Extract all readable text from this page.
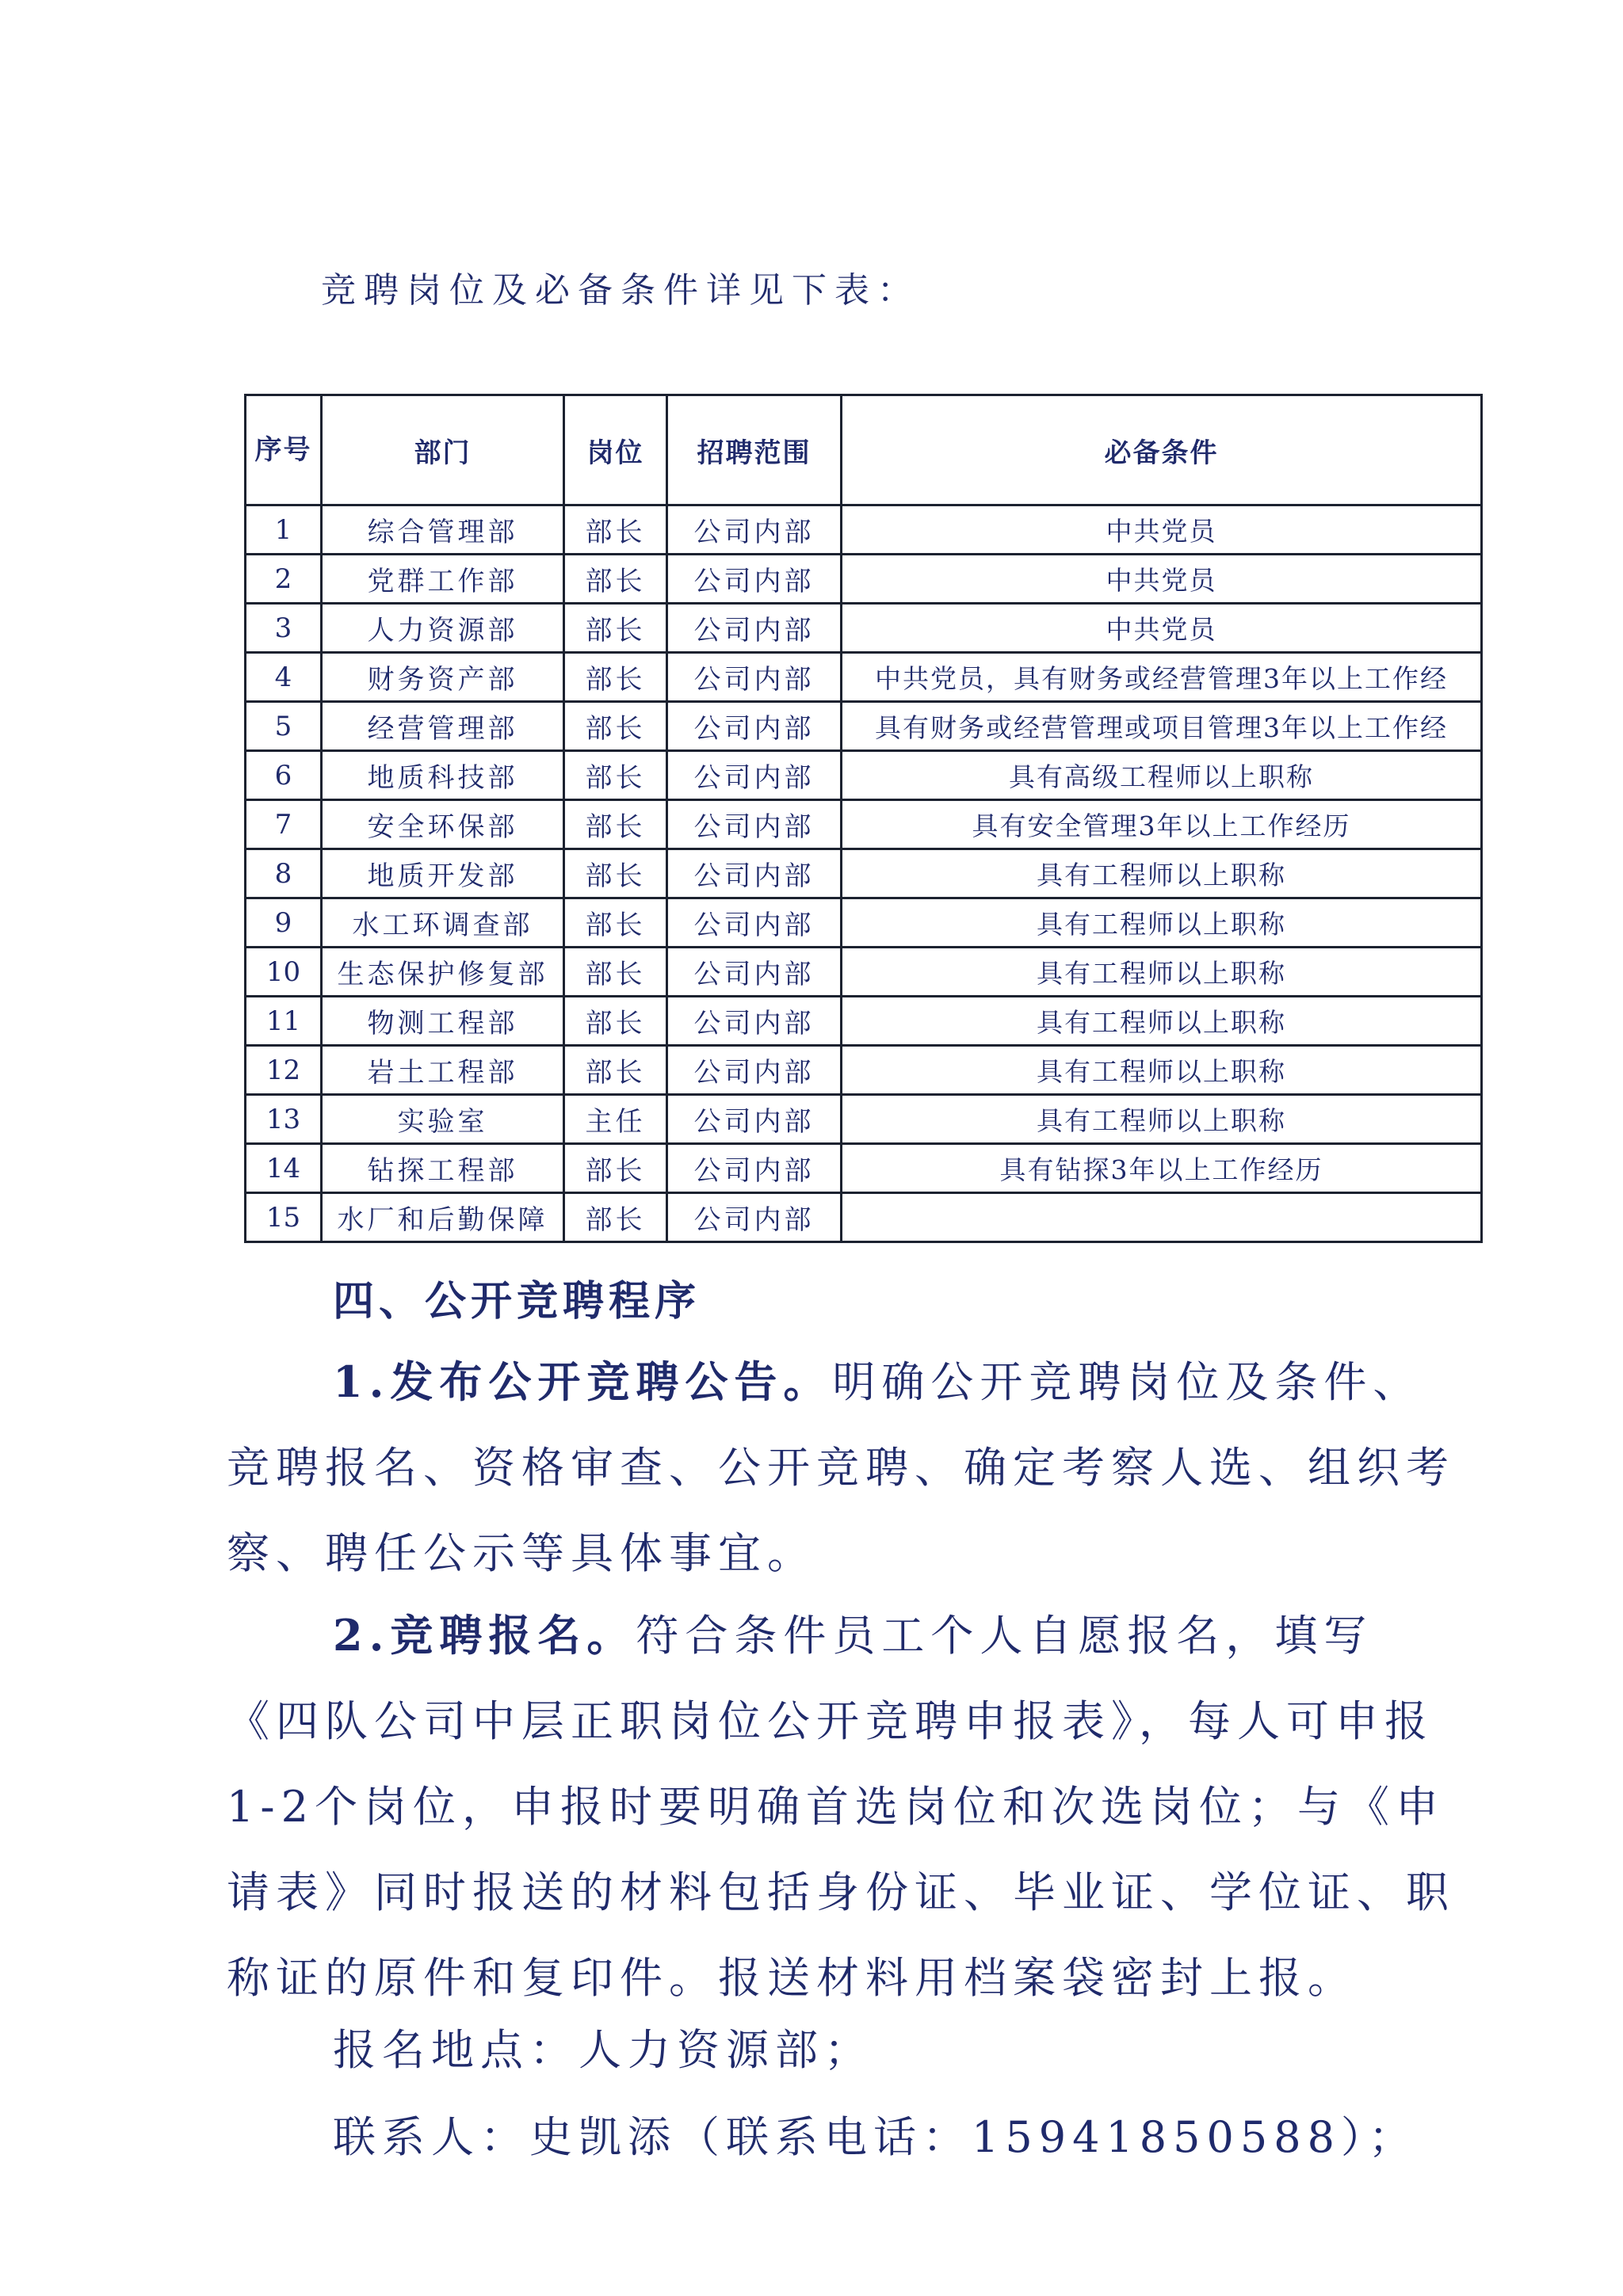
竞聘岗位及必备条件详见下表：
序号	部门	岗位	招聘范围	必备条件
1	综合管理部	部长	公司内部	中共党员
2	党群工作部	部长	公司内部	中共党员
3	人力资源部	部长	公司内部	中共党员
4	财务资产部	部长	公司内部	中共党员，具有财务或经营管理3年以上工作经
5	经营管理部	部长	公司内部	具有财务或经营管理或项目管理3年以上工作经
6	地质科技部	部长	公司内部	具有高级工程师以上职称
7	安全环保部	部长	公司内部	具有安全管理3年以上工作经历
8	地质开发部	部长	公司内部	具有工程师以上职称
9	水工环调查部	部长	公司内部	具有工程师以上职称
10	生态保护修复部	部长	公司内部	具有工程师以上职称
11	物测工程部	部长	公司内部	具有工程师以上职称
12	岩土工程部	部长	公司内部	具有工程师以上职称
13	实验室	主任	公司内部	具有工程师以上职称
14	钻探工程部	部长	公司内部	具有钻探3年以上工作经历
15	水厂和后勤保障	部长	公司内部	
四、公开竞聘程序
1.发布公开竞聘公告。明确公开竞聘岗位及条件、竞聘报名、资格审查、公开竞聘、确定考察人选、组织考察、聘任公示等具体事宜。
2.竞聘报名。符合条件员工个人自愿报名，填写《四队公司中层正职岗位公开竞聘申报表》，每人可申报1-2个岗位，申报时要明确首选岗位和次选岗位；与《申请表》同时报送的材料包括身份证、毕业证、学位证、职称证的原件和复印件。报送材料用档案袋密封上报。
报名地点：人力资源部；
联系人：史凯添（联系电话：15941850588）；
